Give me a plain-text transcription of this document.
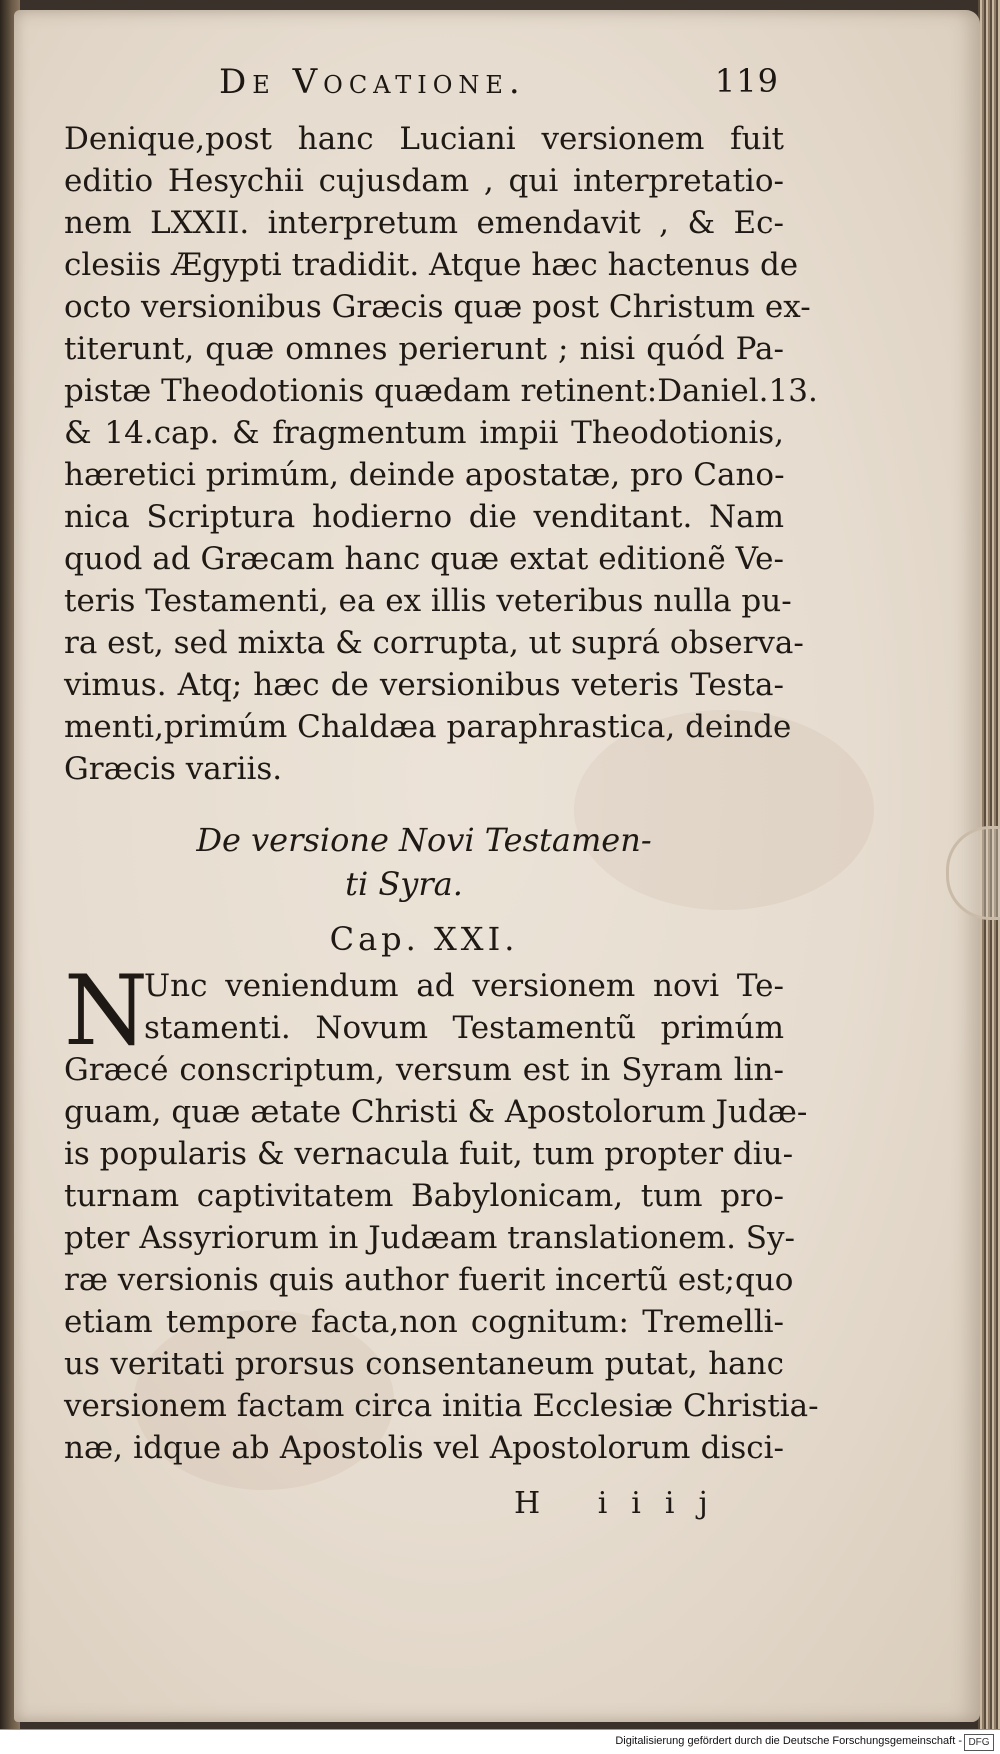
De Vocatione.	119
Denique,post hanc Luciani versionem fuit
editio Hesychii cujusdam , qui interpretatio-
nem LXXII. interpretum emendavit , & Ec-
clesiis Ægypti tradidit. Atque hæc hactenus de
octo versionibus Græcis quæ post Christum ex-
titerunt, quæ omnes perierunt ; nisi quód Pa-
pistæ Theodotionis quædam retinent:Daniel.13.
& 14.cap. & fragmentum impii Theodotionis,
hæretici primúm, deinde apostatæ, pro Cano-
nica Scriptura hodierno die venditant. Nam
quod ad Græcam hanc quæ extat editionẽ Ve-
teris Testamenti, ea ex illis veteribus nulla pu-
ra est, sed mixta & corrupta, ut suprá observa-
vimus. Atq; hæc de versionibus veteris Testa-
menti,primúm Chaldæa paraphrastica, deinde
Græcis variis.
De versione Novi Testamen-
ti Syra.
Cap. XXI.
N
Unc veniendum ad versionem novi Te-
stamenti. Novum Testamentũ primúm
Græcé conscriptum, versum est in Syram lin-
guam, quæ ætate Christi & Apostolorum Judæ-
is popularis & vernacula fuit, tum propter diu-
turnam captivitatem Babylonicam, tum pro-
pter Assyriorum in Judæam translationem. Sy-
ræ versionis quis author fuerit incertũ est;quo
etiam tempore facta,non cognitum: Tremelli-
us veritati prorsus consentaneum putat, hanc
versionem factam circa initia Ecclesiæ Christia-
næ, idque ab Apostolis vel Apostolorum disci-
H iiij
Digitalisierung gefördert durch die Deutsche Forschungsgemeinschaft - DFG
